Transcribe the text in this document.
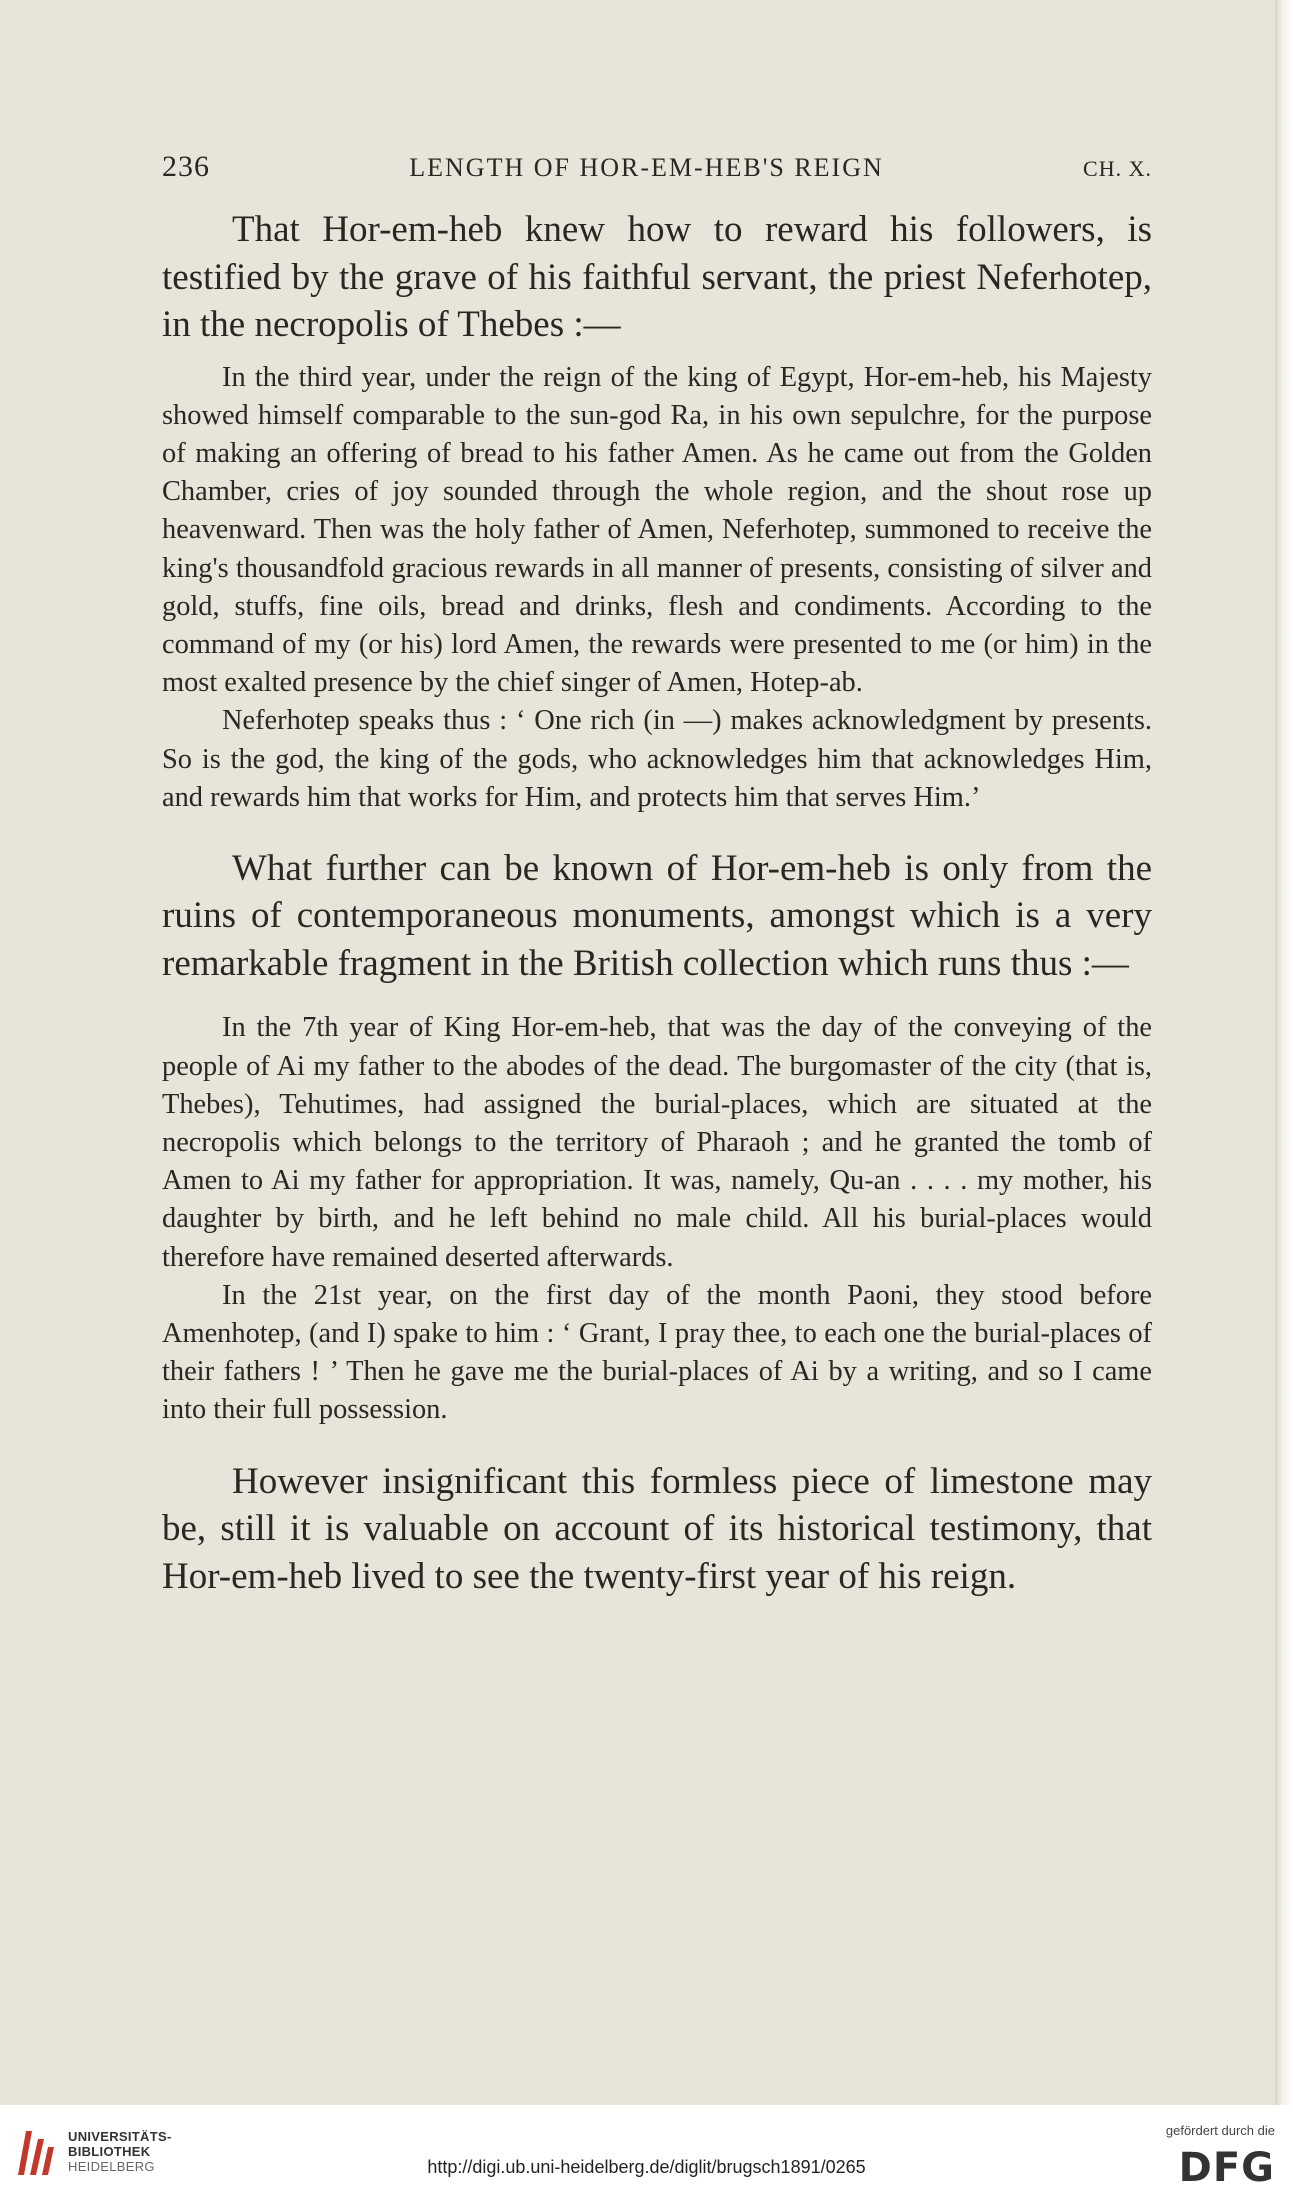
236	LENGTH OF HOR-EM-HEB'S REIGN	CH. X.

That Hor-em-heb knew how to reward his followers, is testified by the grave of his faithful servant, the priest Neferhotep, in the necropolis of Thebes :—

In the third year, under the reign of the king of Egypt, Hor-em-heb, his Majesty showed himself comparable to the sun-god Ra, in his own sepulchre, for the purpose of making an offering of bread to his father Amen. As he came out from the Golden Chamber, cries of joy sounded through the whole region, and the shout rose up heavenward. Then was the holy father of Amen, Neferhotep, summoned to receive the king's thousandfold gracious rewards in all manner of presents, consisting of silver and gold, stuffs, fine oils, bread and drinks, flesh and condiments. According to the command of my (or his) lord Amen, the rewards were presented to me (or him) in the most exalted presence by the chief singer of Amen, Hotep-ab.

Neferhotep speaks thus : ‘ One rich (in —) makes acknowledgment by presents. So is the god, the king of the gods, who acknowledges him that acknowledges Him, and rewards him that works for Him, and protects him that serves Him.’

What further can be known of Hor-em-heb is only from the ruins of contemporaneous monuments, amongst which is a very remarkable fragment in the British collection which runs thus :—

In the 7th year of King Hor-em-heb, that was the day of the conveying of the people of Ai my father to the abodes of the dead. The burgomaster of the city (that is, Thebes), Tehutimes, had assigned the burial-places, which are situated at the necropolis which belongs to the territory of Pharaoh ; and he granted the tomb of Amen to Ai my father for appropriation. It was, namely, Qu-an . . . . my mother, his daughter by birth, and he left behind no male child. All his burial-places would therefore have remained deserted afterwards.

In the 21st year, on the first day of the month Paoni, they stood before Amenhotep, (and I) spake to him : ‘ Grant, I pray thee, to each one the burial-places of their fathers ! ’ Then he gave me the burial-places of Ai by a writing, and so I came into their full possession.

However insignificant this formless piece of limestone may be, still it is valuable on account of its historical testimony, that Hor-em-heb lived to see the twenty-first year of his reign.

UNIVERSITÄTS-
BIBLIOTHEK
HEIDELBERG	http://digi.ub.uni-heidelberg.de/diglit/brugsch1891/0265
gefördert durch die
DFG
